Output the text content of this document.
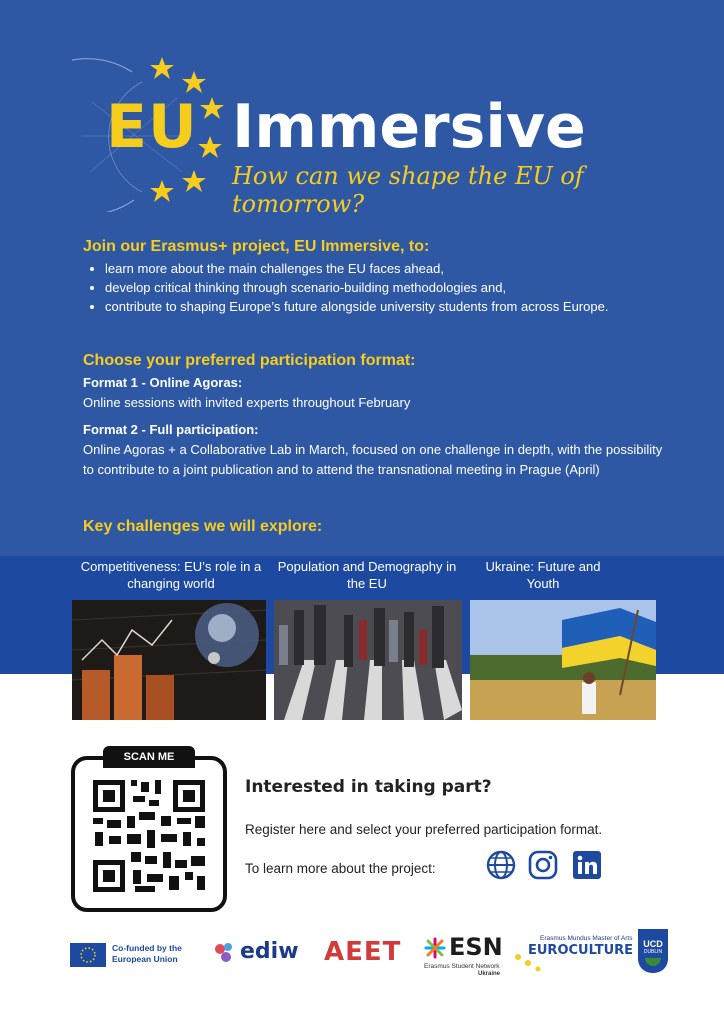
EU Immersive
How can we shape the EU of tomorrow?
Join our Erasmus+ project, EU Immersive, to:
• learn more about the main challenges the EU faces ahead,
• develop critical thinking through scenario-building methodologies and,
• contribute to shaping Europe’s future alongside university students from across Europe.
Choose your preferred participation format:
Format 1 - Online Agoras:
Online sessions with invited experts throughout February
Format 2 - Full participation:
Online Agoras + a Collaborative Lab in March, focused on one challenge in depth, with the possibility to contribute to a joint publication and to attend the transnational meeting in Prague (April)
Key challenges we will explore:
Competitiveness: EU’s role in a changing world
Population and Demography in the EU
Ukraine: Future and Youth
SCAN ME
Interested in taking part?
Register here and select your preferred participation format.
To learn more about the project:
Co-funded by the European Union	ediw AEET ESN
Erasmus Student Network
Ukraine
Erasmus Mundus Master of Arts
EUROCULTURE	UCD
DUBLIN
